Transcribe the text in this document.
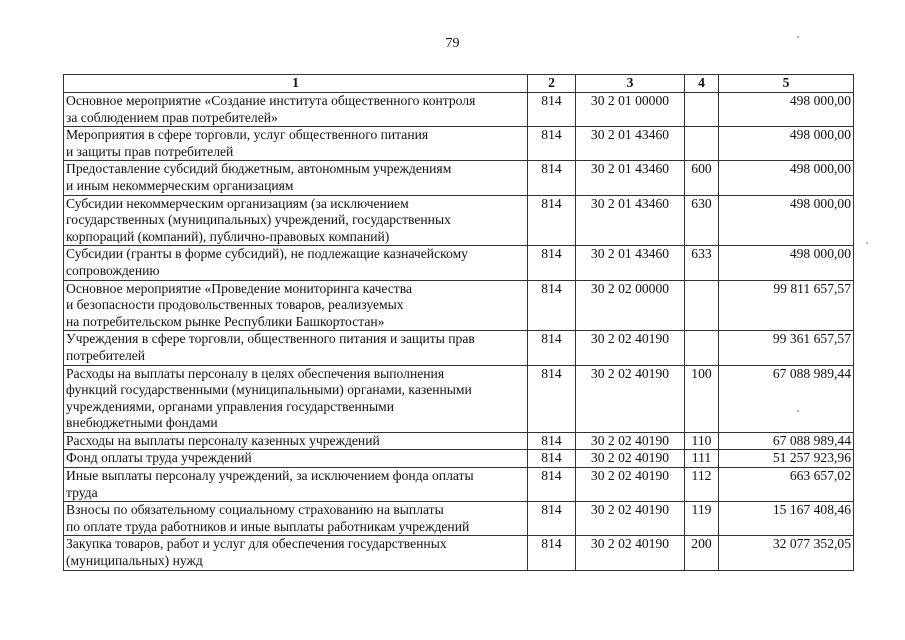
79
1	2	3	4	5
Основное мероприятие «Создание института общественного контроля
за соблюдением прав потребителей»	814	30 2 01 00000		498 000,00
Мероприятия в сфере торговли, услуг общественного питания
и защиты прав потребителей	814	30 2 01 43460		498 000,00
Предоставление субсидий бюджетным, автономным учреждениям
и иным некоммерческим организациям	814	30 2 01 43460	600	498 000,00
Субсидии некоммерческим организациям (за исключением
государственных (муниципальных) учреждений, государственных
корпораций (компаний), публично-правовых компаний)	814	30 2 01 43460	630	498 000,00
Субсидии (гранты в форме субсидий), не подлежащие казначейскому
сопровождению	814	30 2 01 43460	633	498 000,00
Основное мероприятие «Проведение мониторинга качества
и безопасности продовольственных товаров, реализуемых
на потребительском рынке Республики Башкортостан»	814	30 2 02 00000		99 811 657,57
Учреждения в сфере торговли, общественного питания и защиты прав
потребителей	814	30 2 02 40190		99 361 657,57
Расходы на выплаты персоналу в целях обеспечения выполнения
функций государственными (муниципальными) органами, казенными
учреждениями, органами управления государственными
внебюджетными фондами	814	30 2 02 40190	100	67 088 989,44
Расходы на выплаты персоналу казенных учреждений	814	30 2 02 40190	110	67 088 989,44
Фонд оплаты труда учреждений	814	30 2 02 40190	111	51 257 923,96
Иные выплаты персоналу учреждений, за исключением фонда оплаты
труда	814	30 2 02 40190	112	663 657,02
Взносы по обязательному социальному страхованию на выплаты
по оплате труда работников и иные выплаты работникам учреждений	814	30 2 02 40190	119	15 167 408,46
Закупка товаров, работ и услуг для обеспечения государственных
(муниципальных) нужд	814	30 2 02 40190	200	32 077 352,05
